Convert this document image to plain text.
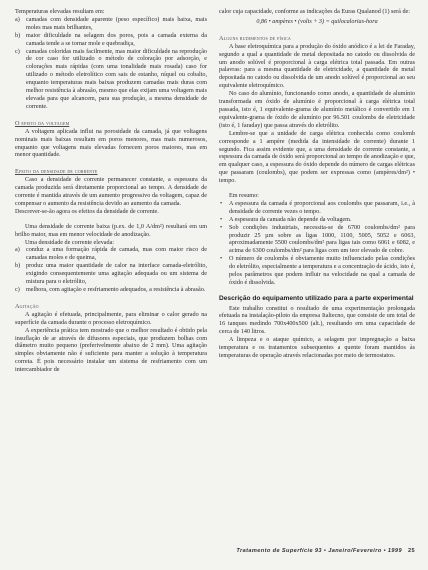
Temperaturas elevadas resultam em:

a) camadas com densidade aparente (peso específico) mais baixa, mais moles mas mais brilhantes,
b) maior dificuldade na selagem dos poros, pois a camada externa da camada tende a se tornar mole e quebradiça,
c) camadas coloridas mais facilmente, mas maior dificuldade na reprodução de cor caso for utilizado o método de coloração por adsorção, e colorações mais rápidas (com uma tonalidade mais rosada) caso for utilizado o método eletrolítico com sais de estanho, níquel ou cobalto, enquanto temperaturas mais baixas produzem camadas mais duras com melhor resistência à abrasão, mesmo que elas exijam uma voltagem mais elevada para que alcancem, para sua produção, a mesma densidade de corrente.
O efeito da voltagem

A voltagem aplicada influi na porosidade da camada, já que voltagens nominais mais baixas resultam em poros menores, mas mais numerosos, enquanto que voltagens mais elevadas fornecem poros maiores, mas em menor quantidade.

Efeito da densidade de corrente

Caso a densidade de corrente permanecer constante, a espessura da camada produzida será diretamente proporcional ao tempo. A densidade de corrente é mantida através de um aumento progressivo da voltagem, capaz de compensar o aumento da resistência devido ao aumento da camada.

Descrever-se-ão agora os efeitos da densidade de corrente.

Uma densidade de corrente baixa (p.ex. de 1,0 A/dm²) resultará em um brilho maior, mas em menor velocidade de anodização.

Uma densidade de corrente elevada:

a) conduz a uma formação rápida de camada, mas com maior risco de camadas moles e de queima,
b) produz uma maior quantidade de calor na interface camada-eletrólito, exigindo consequentemente uma agitação adequada ou um sistema de mistura para o eletrólito,
c) melhora, com agitação e resfriamento adequados, a resistência à abrasão.
Agitação

A agitação é efetuada, principalmente, para eliminar o calor gerado na superfície da camada durante o processo eletroquímico.

A experiência prática tem mostrado que o melhor resultado é obtido pela insuflação de ar através de difusores especiais, que produzem bolhas com diâmetro muito pequeno (preferivelmente abaixo de 2 mm). Uma agitação simples obviamente não é suficiente para manter a solução à temperatura correta. É pois necessário instalar um sistema de resfriamento com um intercambiador de

calor cuja capacidade, conforme as indicações da Euras Qualanod (1) será de:

0,86 • ampères • (volts + 3) = quilocalorias-hora

Alguns rudimentos de física

A base eletroquímica para a produção do óxido anódico é a lei de Faraday, segundo a qual a quantidade de metal depositada no catodo ou dissolvida de um anodo solúvel é proporcional à carga elétrica total passada. Em outras palavras: para a mesma quantidade de eletricidade, a quantidade de metal depositada no catodo ou dissolvida de um anodo solúvel é proporcional ao seu equivalente eletroquímico.

No caso do alumínio, funcionando como anodo, a quantidade de alumínio transformada em óxido de alumínio é proporcional à carga elétrica total passada, isto é, 1 equivalente-grama de alumínio metálico é convertido em 1 equivalente-grama de óxido de alumínio por 96.501 coulombs de eletricidade (isto é, 1 faraday) que passa através do eletrólito.

Lembre-se que a unidade de carga elétrica conhecida como coulomb corresponde a 1 ampère (medida da intensidade de corrente) durante 1 segundo. Fica assim evidente que, a uma densidade de corrente constante, a espessura da camada de óxido será proporcional ao tempo de anodização e que, em qualquer caso, a espessura do óxido depende do número de cargas elétricas que passaram (coulombs), que podem ser expressas como (ampères/dm²) • tempo.

Em resumo:

• A espessura da camada é proporcional aos coulombs que passaram, i.e., à densidade de corrente vezes o tempo.
• A espessura da camada não depende da voltagem.
• Sob condições industriais, necessita-se de 6700 coulombs/dm² para produzir 25 µm sobre as ligas 1000, 1100, 5005, 5052 e 6063, aproximadamente 5500 coulombs/dm² para ligas tais como 6061 e 6082, e acima de 6300 coulombs/dm² para ligas com um teor elevado de cobre.
• O número de coulombs é obviamente muito influenciado pelas condições do eletrólito, especialmente a temperatura e a concentração de ácido, isto é, pelos parâmetros que podem influir na velocidade na qual a camada de óxido é dissolvida.
Descrição do equipamento utilizado para a parte experimental

Este trabalho constitui o resultado de uma experimentação prolongada efetuada na instalação-piloto da empresa Italtecno, que consiste de um total de 16 tanques medindo 700x400x500 (alt.), resultando em uma capacidade de cerca de 140 litros.

A limpeza e o ataque químico, a selagem por impregnação a baixa temperatura e os tratamentos subsequentes a quente foram mantidos às temperaturas de operação através relacionadas por meio de termostatos.

Tratamento de Superfície 93 • Janeiro/Fevereiro • 1999 25
